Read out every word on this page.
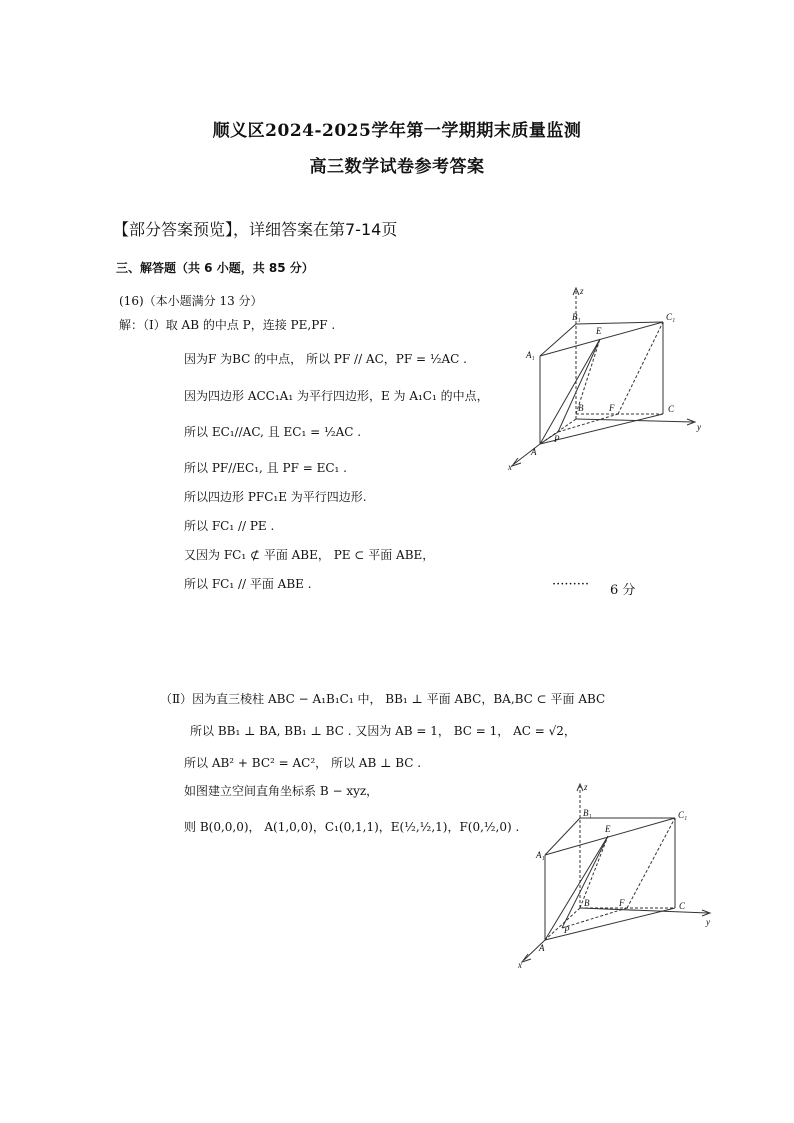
顺义区2024-2025学年第一学期期末质量监测
高三数学试卷参考答案
【部分答案预览】，详细答案在第7-14页
三、解答题（共 6 小题，共 85 分）
(16)（本小题满分 13 分）
解：（Ⅰ）取 AB 的中点 P，连接 PE,PF .
因为F 为BC 的中点， 所以 PF // AC，PF = ½AC .
因为四边形 ACC₁A₁ 为平行四边形，E 为 A₁C₁ 的中点，
所以 EC₁//AC, 且 EC₁ = ½AC .
所以 PF//EC₁, 且 PF = EC₁ .
所以四边形 PFC₁E 为平行四边形.
所以 FC₁ // PE .
又因为 FC₁ ⊄ 平面 ABE， PE ⊂ 平面 ABE，
所以 FC₁ // 平面 ABE .	········· 6 分
（Ⅱ）因为直三棱柱 ABC − A₁B₁C₁ 中， BB₁ ⊥ 平面 ABC，BA,BC ⊂ 平面 ABC
所以 BB₁ ⊥ BA, BB₁ ⊥ BC . 又因为 AB = 1， BC = 1， AC = √2，
所以 AB² + BC² = AC²， 所以 AB ⊥ BC .
如图建立空间直角坐标系 B − xyz，
则 B(0,0,0)， A(1,0,0)，C₁(0,1,1)，E(½,½,1)，F(0,½,0) .
z
y
x
B₁	C₁
A₁
E
B	F	C
P
A
z
y
x
B₁	C₁
A₁
E
B	F	C
P
A
